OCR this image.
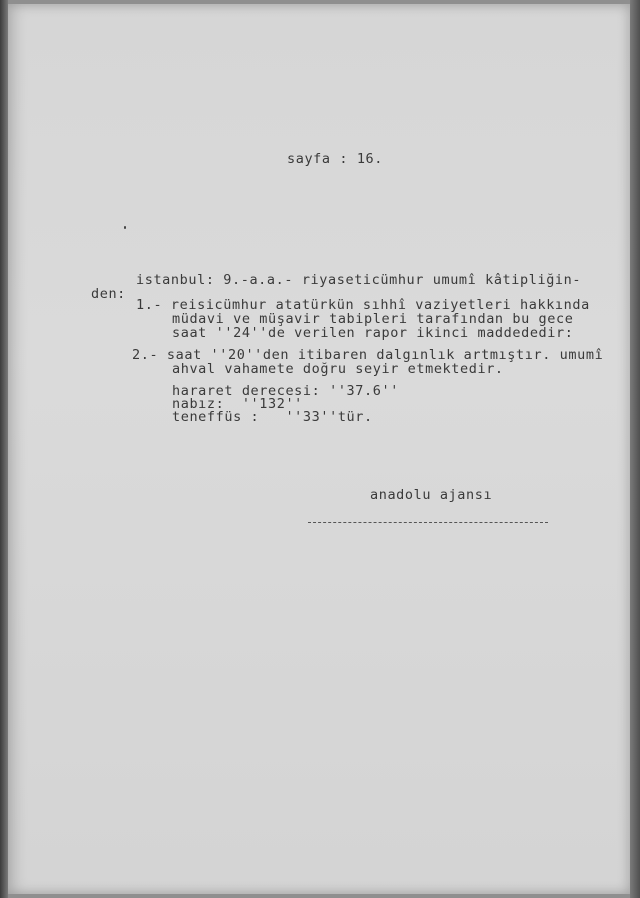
sayfa : 16.
istanbul: 9.-a.a.- riyaseticümhur umumî kâtipliğin-
den:
1.- reisicümhur atatürkün sıhhî vaziyetleri hakkında
müdavi ve müşavir tabipleri tarafından bu gece
saat ''24''de verilen rapor ikinci maddededir:
2.- saat ''20''den itibaren dalgınlık artmıştır. umumî
ahval vahamete doğru seyir etmektedir.
hararet derecesi: ''37.6''
nabız:  ''132''
teneffüs :   ''33''tür.
anadolu ajansı
